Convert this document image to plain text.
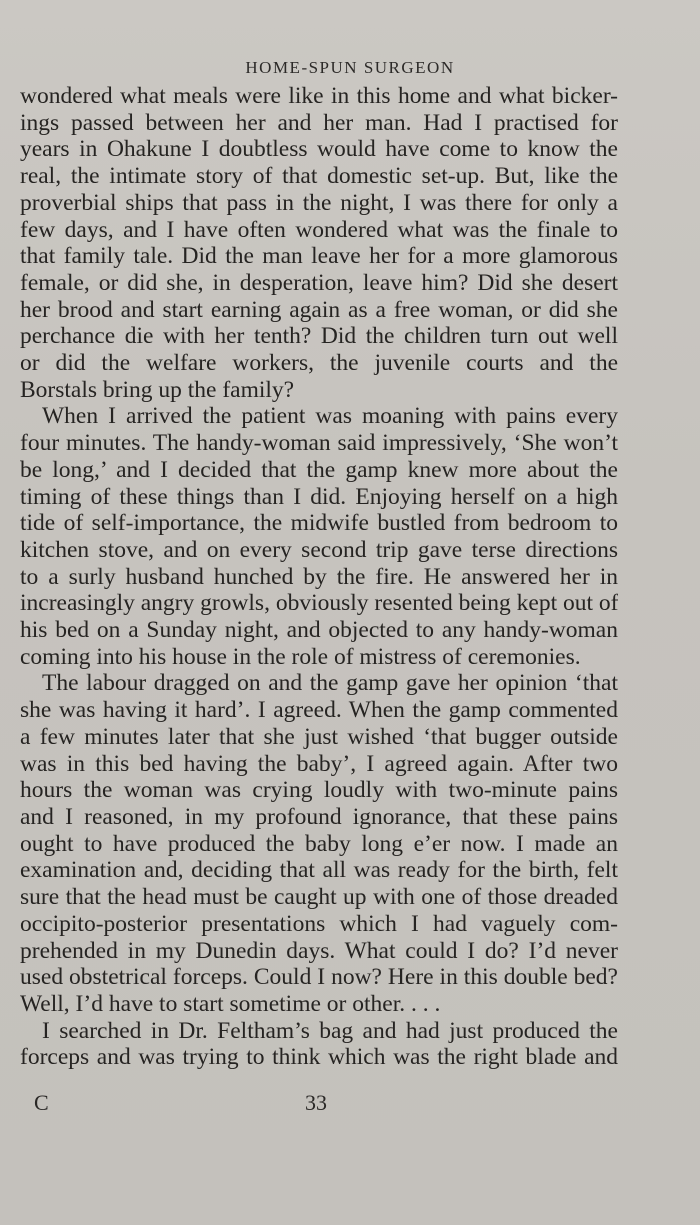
HOME-SPUN SURGEON
wondered what meals were like in this home and what bicker-
ings passed between her and her man. Had I practised for
years in Ohakune I doubtless would have come to know the
real, the intimate story of that domestic set-up. But, like the
proverbial ships that pass in the night, I was there for only a
few days, and I have often wondered what was the finale to
that family tale. Did the man leave her for a more glamorous
female, or did she, in desperation, leave him? Did she desert
her brood and start earning again as a free woman, or did she
perchance die with her tenth? Did the children turn out well
or did the welfare workers, the juvenile courts and the
Borstals bring up the family?
When I arrived the patient was moaning with pains every
four minutes. The handy-woman said impressively, ‘She won’t
be long,’ and I decided that the gamp knew more about the
timing of these things than I did. Enjoying herself on a high
tide of self-importance, the midwife bustled from bedroom to
kitchen stove, and on every second trip gave terse directions
to a surly husband hunched by the fire. He answered her in
increasingly angry growls, obviously resented being kept out of
his bed on a Sunday night, and objected to any handy-woman
coming into his house in the role of mistress of ceremonies.
The labour dragged on and the gamp gave her opinion ‘that
she was having it hard’. I agreed. When the gamp commented
a few minutes later that she just wished ‘that bugger outside
was in this bed having the baby’, I agreed again. After two
hours the woman was crying loudly with two-minute pains
and I reasoned, in my profound ignorance, that these pains
ought to have produced the baby long e’er now. I made an
examination and, deciding that all was ready for the birth, felt
sure that the head must be caught up with one of those dreaded
occipito-posterior presentations which I had vaguely com-
prehended in my Dunedin days. What could I do? I’d never
used obstetrical forceps. Could I now? Here in this double bed?
Well, I’d have to start sometime or other. . . .
I searched in Dr. Feltham’s bag and had just produced the
forceps and was trying to think which was the right blade and
C	33
